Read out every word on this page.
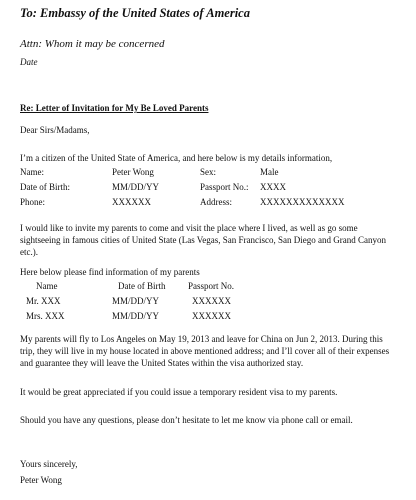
To: Embassy of the United States of America
Attn: Whom it may be concerned
Date
Re: Letter of Invitation for My Be Loved Parents
Dear Sirs/Madams,
I’m a citizen of the United State of America, and here below is my details information,
Name:	Peter Wong	Sex:	Male
Date of Birth:	MM/DD/YY	Passport No.: XXXX
Phone:	XXXXXX	Address:	XXXXXXXXXXXXX
I would like to invite my parents to come and visit the place where I lived, as well as go some sightseeing in famous cities of United State (Las Vegas, San Francisco, San Diego and Grand Canyon etc.).
Here below please find information of my parents
Name	Date of Birth	Passport No.
Mr. XXX	MM/DD/YY	XXXXXX
Mrs. XXX	MM/DD/YY	XXXXXX
My parents will fly to Los Angeles on May 19, 2013 and leave for China on Jun 2, 2013. During this trip, they will live in my house located in above mentioned address; and I’ll cover all of their expenses and guarantee they will leave the United States within the visa authorized stay.
It would be great appreciated if you could issue a temporary resident visa to my parents.
Should you have any questions, please don’t hesitate to let me know via phone call or email.
Yours sincerely,
Peter Wong
